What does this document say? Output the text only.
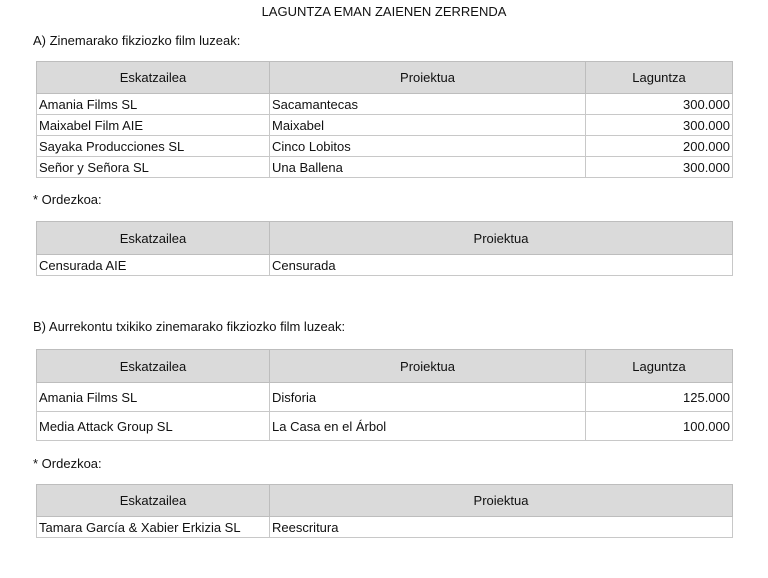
LAGUNTZA EMAN ZAIENEN ZERRENDA
A) Zinemarako fikziozko film luzeak:
Eskatzailea	Proiektua	Laguntza
Amania Films SL	Sacamantecas	300.000
Maixabel Film AIE	Maixabel	300.000
Sayaka Producciones SL	Cinco Lobitos	200.000
Señor y Señora SL	Una Ballena	300.000
* Ordezkoa:
Eskatzailea	Proiektua
Censurada AIE	Censurada
B) Aurrekontu txikiko zinemarako fikziozko film luzeak:
Eskatzailea	Proiektua	Laguntza
Amania Films SL	Disforia	125.000
Media Attack Group SL	La Casa en el Árbol	100.000
* Ordezkoa:
Eskatzailea	Proiektua
Tamara García & Xabier Erkizia SL	Reescritura
